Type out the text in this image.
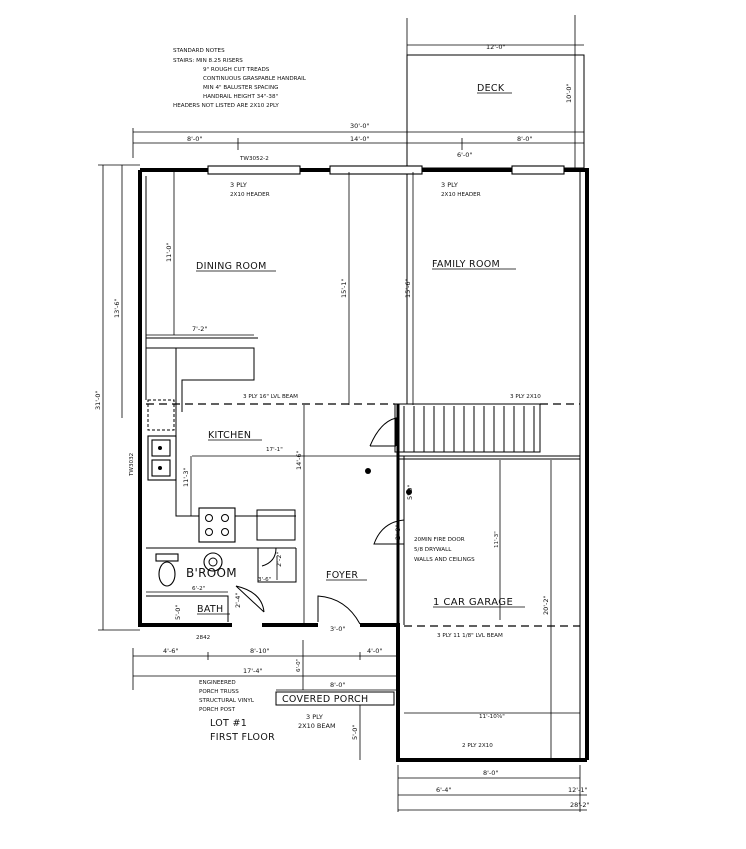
STANDARD NOTES
STAIRS: MIN 8.25 RISERS
9" ROUGH CUT TREADS
CONTINUOUS GRASPABLE HANDRAIL
MIN 4" BALUSTER SPACING
HANDRAIL HEIGHT 34"-38"
HEADERS NOT LISTED ARE 2X10 2PLY
12'-0"
10'-0"
DECK
30'-0"
8'-0"	14'-0"	8'-0"
6'-0"
TW3052-2
31'-0"
13'-6"
TW3032
3 PLY
2X10 HEADER
3 PLY
2X10 HEADER
11'-0"
15'-1"	15'-6"
DINING ROOM	FAMILY ROOM
7'-2"
11'-3"
3 PLY 16" LVL BEAM	3 PLY 2X10
3 PLY 11 1/8" LVL BEAM
KITCHEN
17'-1"
14'-6"
FOYER
B'ROOM
6'-2"
5'-0" BATH
2'-4"
2'-2"
3'-6"
2842
3'-0"
5'-0"
2'-8" 20MIN FIRE DOOR
5/8 DRYWALL
WALLS AND CEILINGS
11'-3"
20'-2"
1 CAR GARAGE
11'-10⅝"
2 PLY 2X10
4'-6"	8'-10"	4'-0"
17'-4"	6'-0"
8'-0"
COVERED PORCH
5'-0"
3 PLY
2X10 BEAM
ENGINEERED
PORCH TRUSS
STRUCTURAL VINYL
PORCH POST
LOT #1
FIRST FLOOR
8'-0"
6'-4"	12'-1"
28'-2"
